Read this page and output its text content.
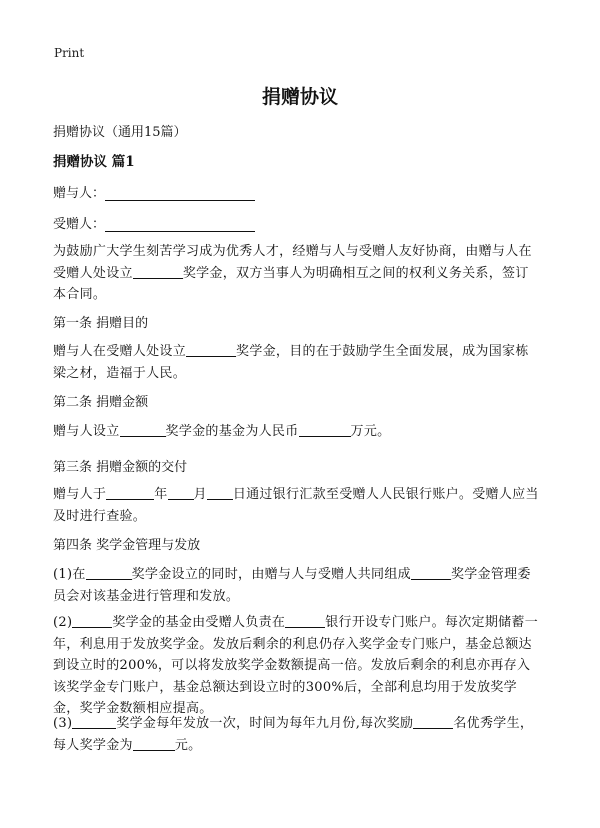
Print
捐赠协议
捐赠协议（通用15篇）
捐赠协议 篇1
赠与人：
受赠人：
为鼓励广大学生刻苦学习成为优秀人才，经赠与人与受赠人友好协商，由赠与人在受赠人处设立	奖学金，双方当事人为明确相互之间的权利义务关系，签订本合同。
第一条 捐赠目的
赠与人在受赠人处设立	奖学金，目的在于鼓励学生全面发展，成为国家栋梁之材，造福于人民。
第二条 捐赠金额
赠与人设立	奖学金的基金为人民币	万元。
第三条 捐赠金额的交付
赠与人于	年 月 日通过银行汇款至受赠人人民银行账户。受赠人应当及时进行查验。
第四条 奖学金管理与发放
(1)在	奖学金设立的同时，由赠与人与受赠人共同组成	奖学金管理委员会对该基金进行管理和发放。
(2)	奖学金的基金由受赠人负责在	银行开设专门账户。每次定期储蓄一年，利息用于发放奖学金。发放后剩余的利息仍存入奖学金专门账户，基金总额达到设立时的200%，可以将发放奖学金数额提高一倍。发放后剩余的利息亦再存入该奖学金专门账户，基金总额达到设立时的300%后，全部利息均用于发放奖学金，奖学金数额相应提高。
(3)	奖学金每年发放一次，时间为每年九月份,每次奖励	名优秀学生，每人奖学金为	元。
